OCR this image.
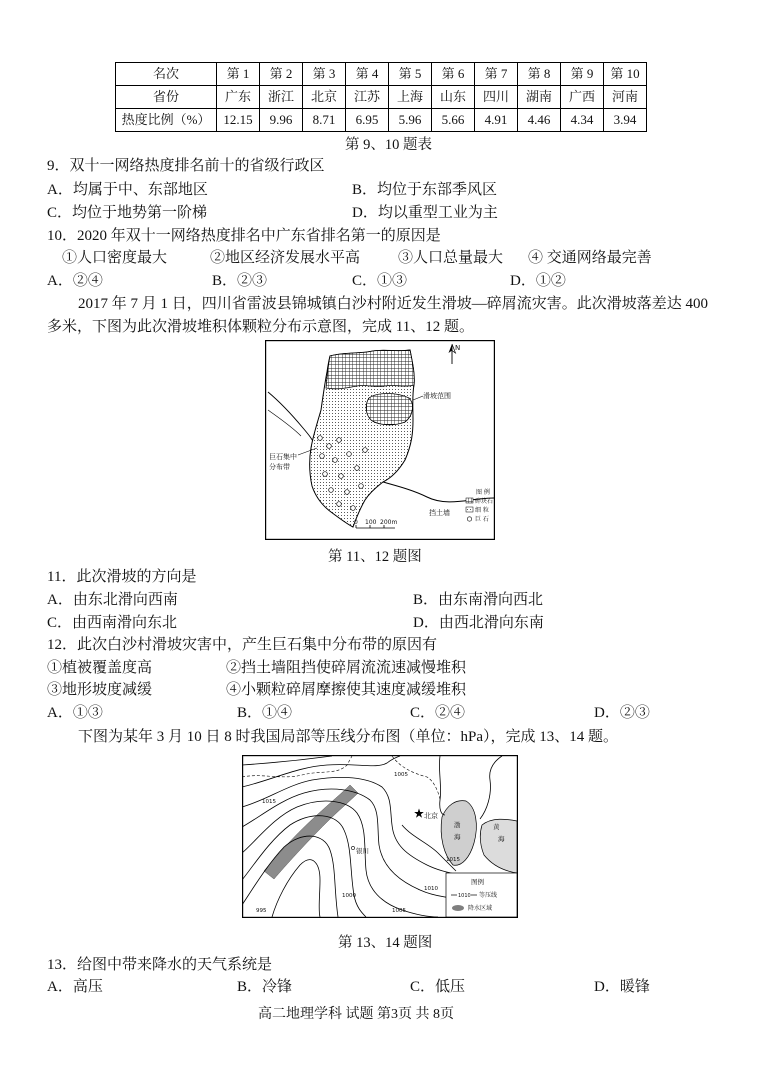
名次	第 1	第 2	第 3	第 4	第 5	第 6	第 7	第 8	第 9	第 10
省份	广东	浙江	北京	江苏	上海	山东	四川	湖南	广西	河南
热度比例（%）	12.15	9.96	8.71	6.95	5.96	5.66	4.91	4.46	4.34	3.94
第 9、10 题表
9．双十一网络热度排名前十的省级行政区
A．均属于中、东部地区	B．均位于东部季风区
C．均位于地势第一阶梯	D．均以重型工业为主
10．2020 年双十一网络热度排名中广东省排名第一的原因是
①人口密度最大	②地区经济发展水平高	③人口总量最大 ④ 交通网络最完善
A．②④	B．②③	C．①③	D．①②
2017 年 7 月 1 日，四川省雷波县锦城镇白沙村附近发生滑坡—碎屑流灾害。此次滑坡落差达 400
多米，下图为此次滑坡堆积体颗粒分布示意图，完成 11、12 题。
N
滑坡范围
巨石集中
分布带
挡土墙
0 100 200m
图 例
碎块石
细 粒
巨 石
第 11、12 题图
11．此次滑坡的方向是
A．由东北滑向西南	B．由东南滑向西北
C．由西南滑向东北	D．由西北滑向东南
12．此次白沙村滑坡灾害中，产生巨石集中分布带的原因有
①植被覆盖度高	②挡土墙阻挡使碎屑流流速减慢堆积
③地形坡度减缓	④小颗粒碎屑摩擦使其速度减缓堆积
A．①③	B．①④	C．②④	D．②③
下图为某年 3 月 10 日 8 时我国局部等压线分布图（单位：hPa），完成 13、14 题。
北京
银川
渤
海
黄
海
1005
1015
1015
1010
1000
1005
995
图例
1010 等压线
降水区域
第 13、14 题图
13．给图中带来降水的天气系统是
A．高压	B．冷锋	C．低压	D．暖锋
高二地理学科 试题 第3页 共 8页
